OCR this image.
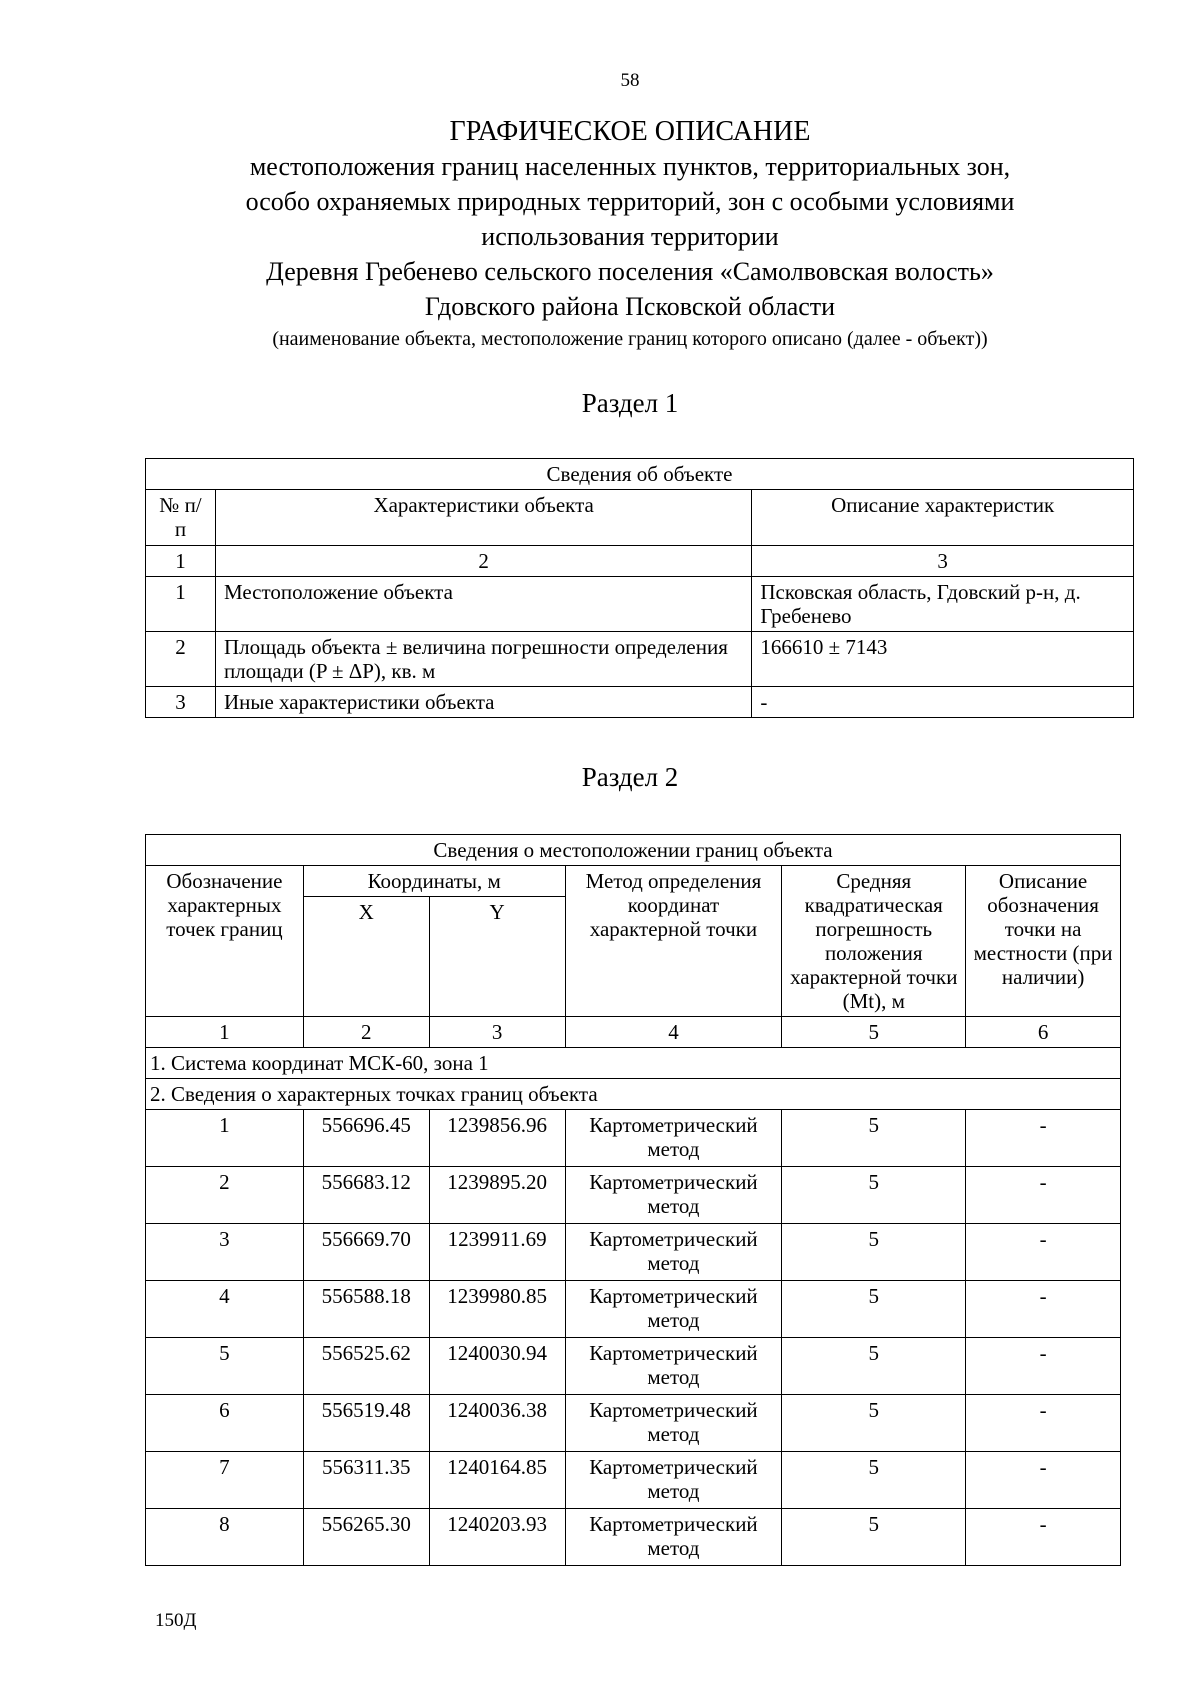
58
ГРАФИЧЕСКОЕ ОПИСАНИЕ
местоположения границ населенных пунктов, территориальных зон,
особо охраняемых природных территорий, зон с особыми условиями
использования территории
Деревня Гребенево сельского поселения «Самолвовская волость»
Гдовского района Псковской области
(наименование объекта, местоположение границ которого описано (далее - объект))
Раздел 1
Сведения об объекте		
№ п/п	Характеристики объекта	Описание характеристик
1	2	3
1	Местоположение объекта	Псковская область, Гдовский р-н, д. Гребенево
2	Площадь объекта ± величина погрешности определения площади (P ± ΔP), кв. м	166610 ± 7143
3	Иные характеристики объекта	-
Раздел 2
Сведения о местоположении границ объекта					
Обозначение характерных точек границ	Координаты, м		Метод определения координат характерной точки	Средняя квадратическая погрешность положения характерной точки (Mt), м	Описание обозначения точки на местности (при наличии)
	X	Y			
1	2	3	4	5	6
1. Система координат МСК-60, зона 1					
2. Сведения о характерных точках границ объекта					
1	556696.45	1239856.96	Картометрический метод	5	-
2	556683.12	1239895.20	Картометрический метод	5	-
3	556669.70	1239911.69	Картометрический метод	5	-
4	556588.18	1239980.85	Картометрический метод	5	-
5	556525.62	1240030.94	Картометрический метод	5	-
6	556519.48	1240036.38	Картометрический метод	5	-
7	556311.35	1240164.85	Картометрический метод	5	-
8	556265.30	1240203.93	Картометрический метод	5	-
150Д
